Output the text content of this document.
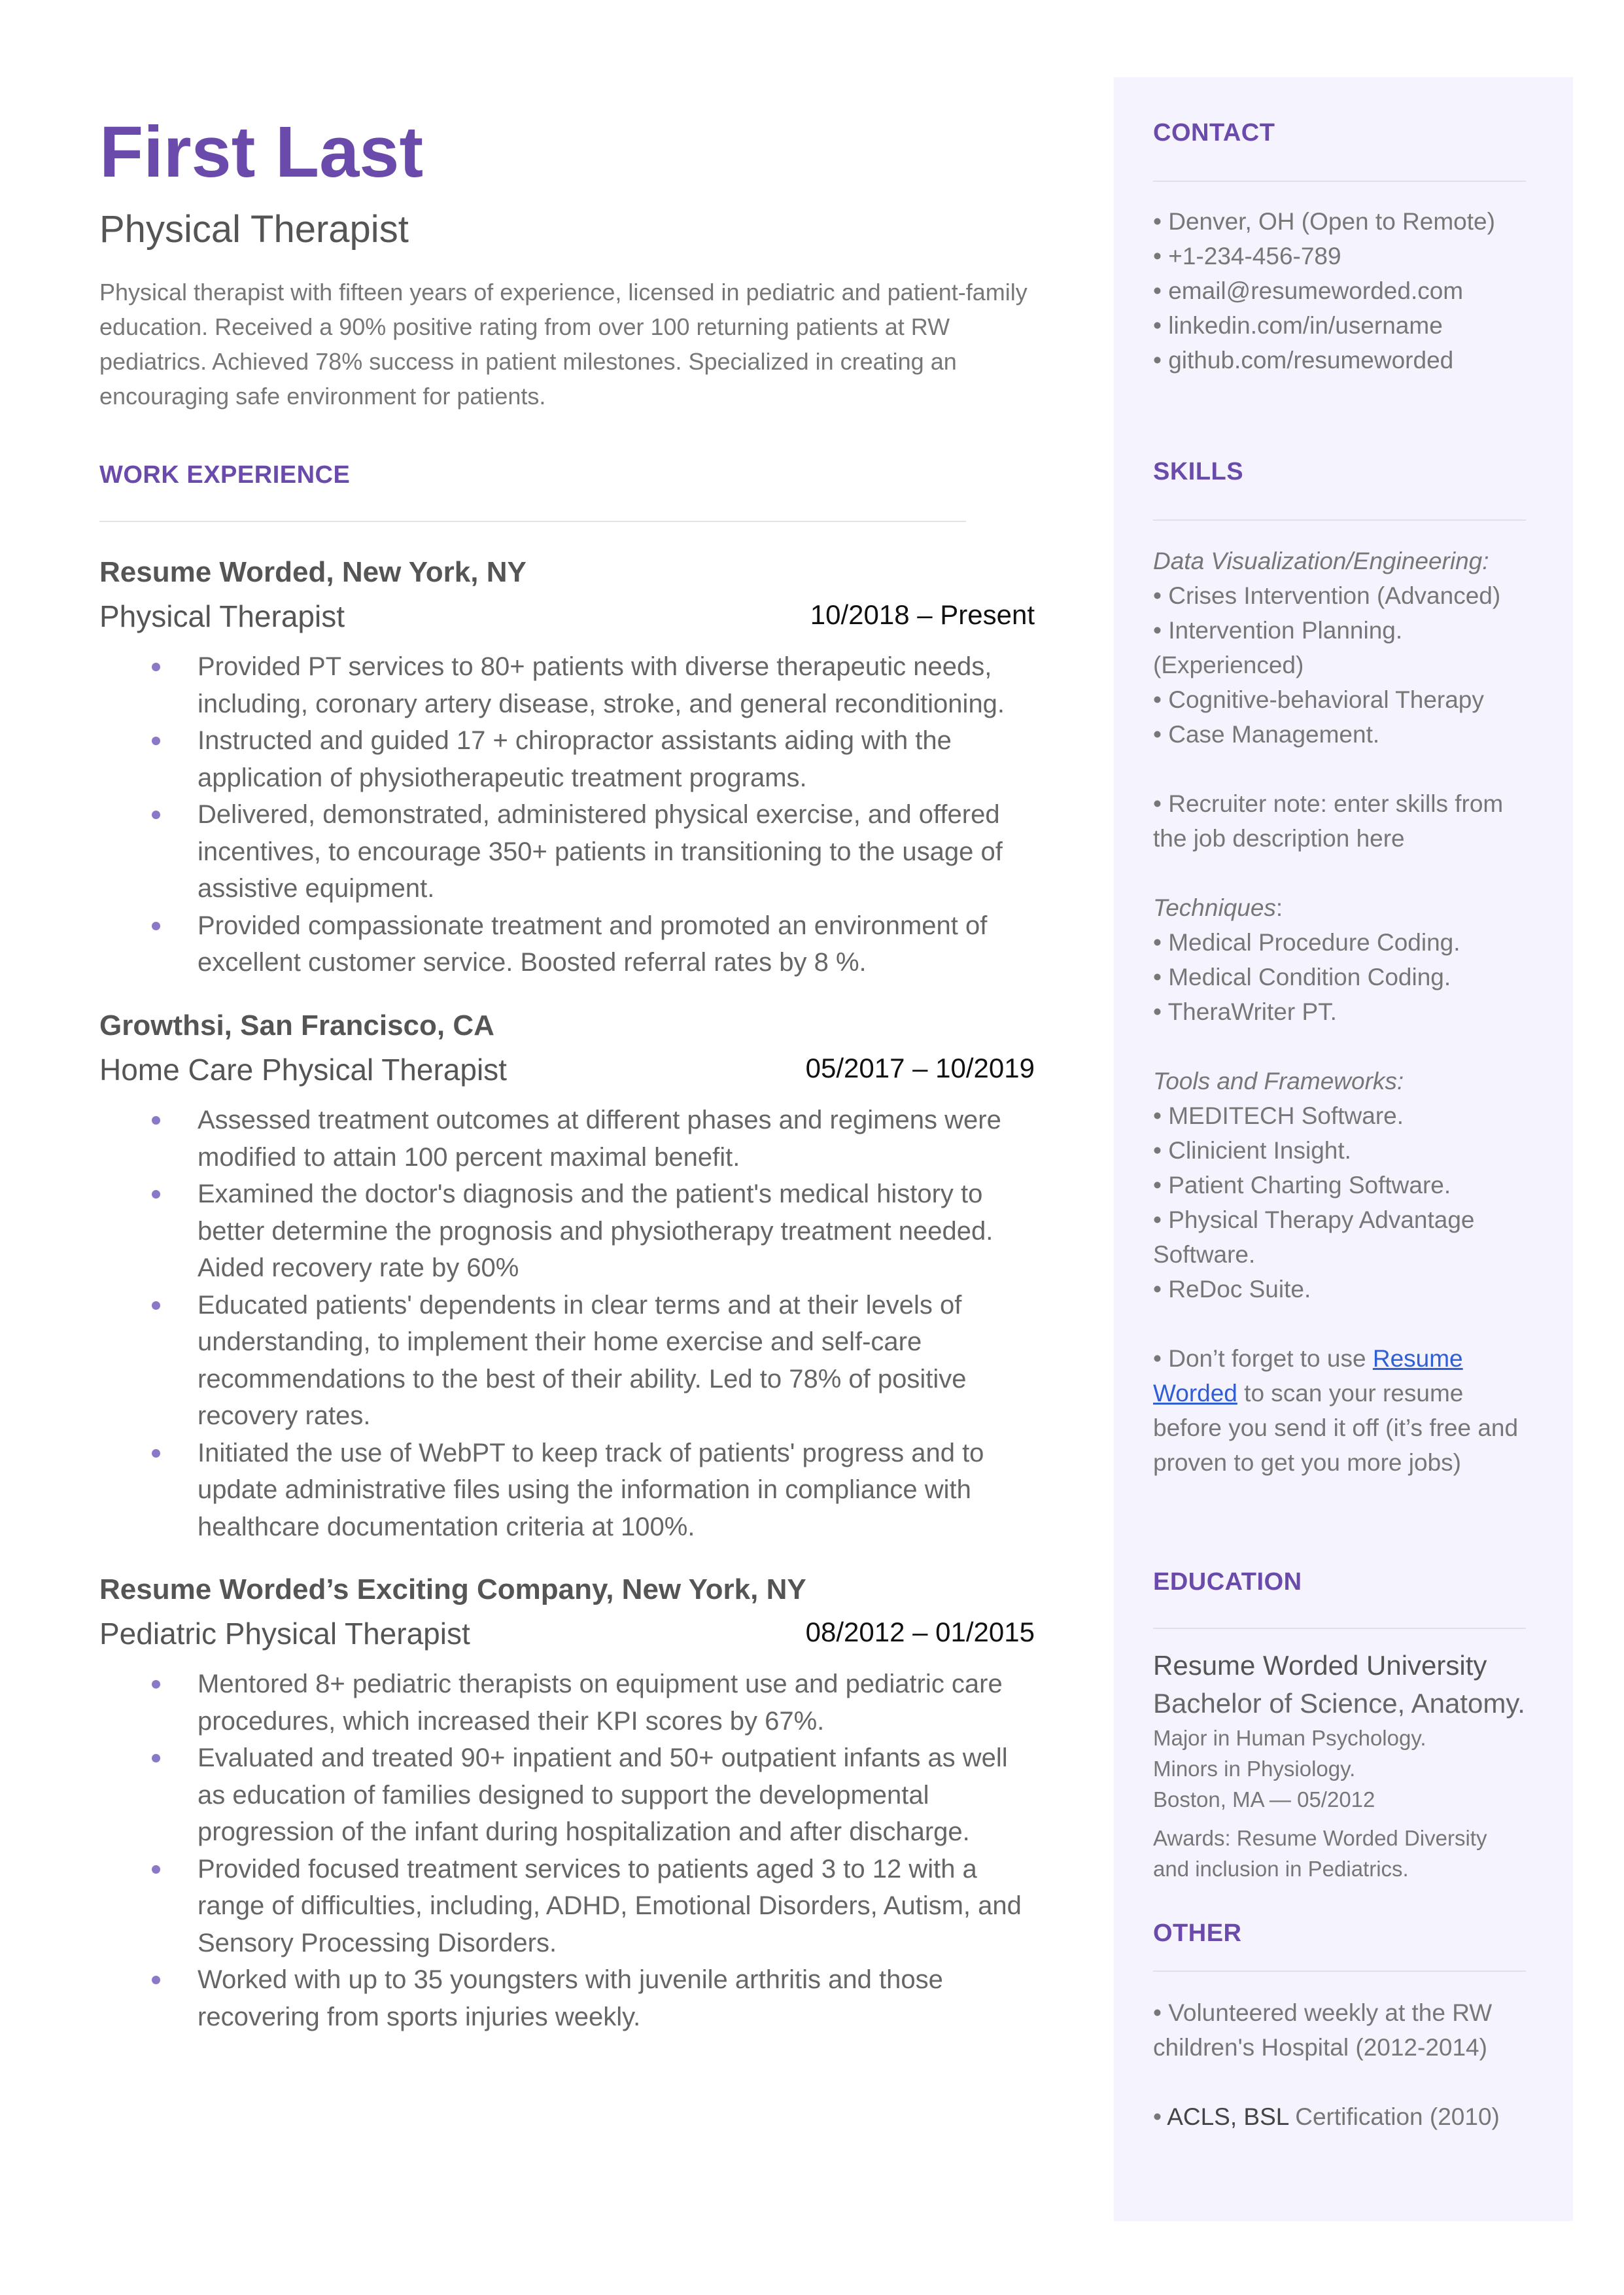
First Last
Physical Therapist
Physical therapist with fifteen years of experience, licensed in pediatric and patient-family education. Received a 90% positive rating from over 100 returning patients at RW pediatrics. Achieved 78% success in patient milestones. Specialized in creating an encouraging safe environment for patients.
WORK EXPERIENCE
Resume Worded, New York, NY
Physical Therapist	10/2018 – Present
Provided PT services to 80+ patients with diverse therapeutic needs, including, coronary artery disease, stroke, and general reconditioning.
Instructed and guided 17 + chiropractor assistants aiding with the application of physiotherapeutic treatment programs.
Delivered, demonstrated, administered physical exercise, and offered incentives, to encourage 350+ patients in transitioning to the usage of assistive equipment.
Provided compassionate treatment and promoted an environment of excellent customer service. Boosted referral rates by 8 %.
Growthsi, San Francisco, CA
Home Care Physical Therapist	05/2017 – 10/2019
Assessed treatment outcomes at different phases and regimens were modified to attain 100 percent maximal benefit.
Examined the doctor's diagnosis and the patient's medical history to better determine the prognosis and physiotherapy treatment needed. Aided recovery rate by 60%
Educated patients' dependents in clear terms and at their levels of understanding, to implement their home exercise and self-care recommendations to the best of their ability. Led to 78% of positive recovery rates.
Initiated the use of WebPT to keep track of patients' progress and to update administrative files using the information in compliance with healthcare documentation criteria at 100%.
Resume Worded’s Exciting Company, New York, NY
Pediatric Physical Therapist	08/2012 – 01/2015
Mentored 8+ pediatric therapists on equipment use and pediatric care procedures, which increased their KPI scores by 67%.
Evaluated and treated 90+ inpatient and 50+ outpatient infants as well as education of families designed to support the developmental progression of the infant during hospitalization and after discharge.
Provided focused treatment services to patients aged 3 to 12 with a range of difficulties, including, ADHD, Emotional Disorders, Autism, and Sensory Processing Disorders.
Worked with up to 35 youngsters with juvenile arthritis and those recovering from sports injuries weekly.
CONTACT
• Denver, OH (Open to Remote)
• +1-234-456-789
• email@resumeworded.com
• linkedin.com/in/username
• github.com/resumeworded
SKILLS
Data Visualization/Engineering:
• Crises Intervention (Advanced)
• Intervention Planning. (Experienced)
• Cognitive-behavioral Therapy
• Case Management.
• Recruiter note: enter skills from the job description here
Techniques:
• Medical Procedure Coding.
• Medical Condition Coding.
• TheraWriter PT.
Tools and Frameworks:
• MEDITECH Software.
• Clinicient Insight.
• Patient Charting Software.
• Physical Therapy Advantage Software.
• ReDoc Suite.
• Don’t forget to use Resume Worded to scan your resume before you send it off (it’s free and proven to get you more jobs)
EDUCATION
Resume Worded University
Bachelor of Science, Anatomy.
Major in Human Psychology.
Minors in Physiology.
Boston, MA — 05/2012
Awards: Resume Worded Diversity and inclusion in Pediatrics.
OTHER
• Volunteered weekly at the RW children's Hospital (2012-2014)
• ACLS, BSL Certification (2010)
